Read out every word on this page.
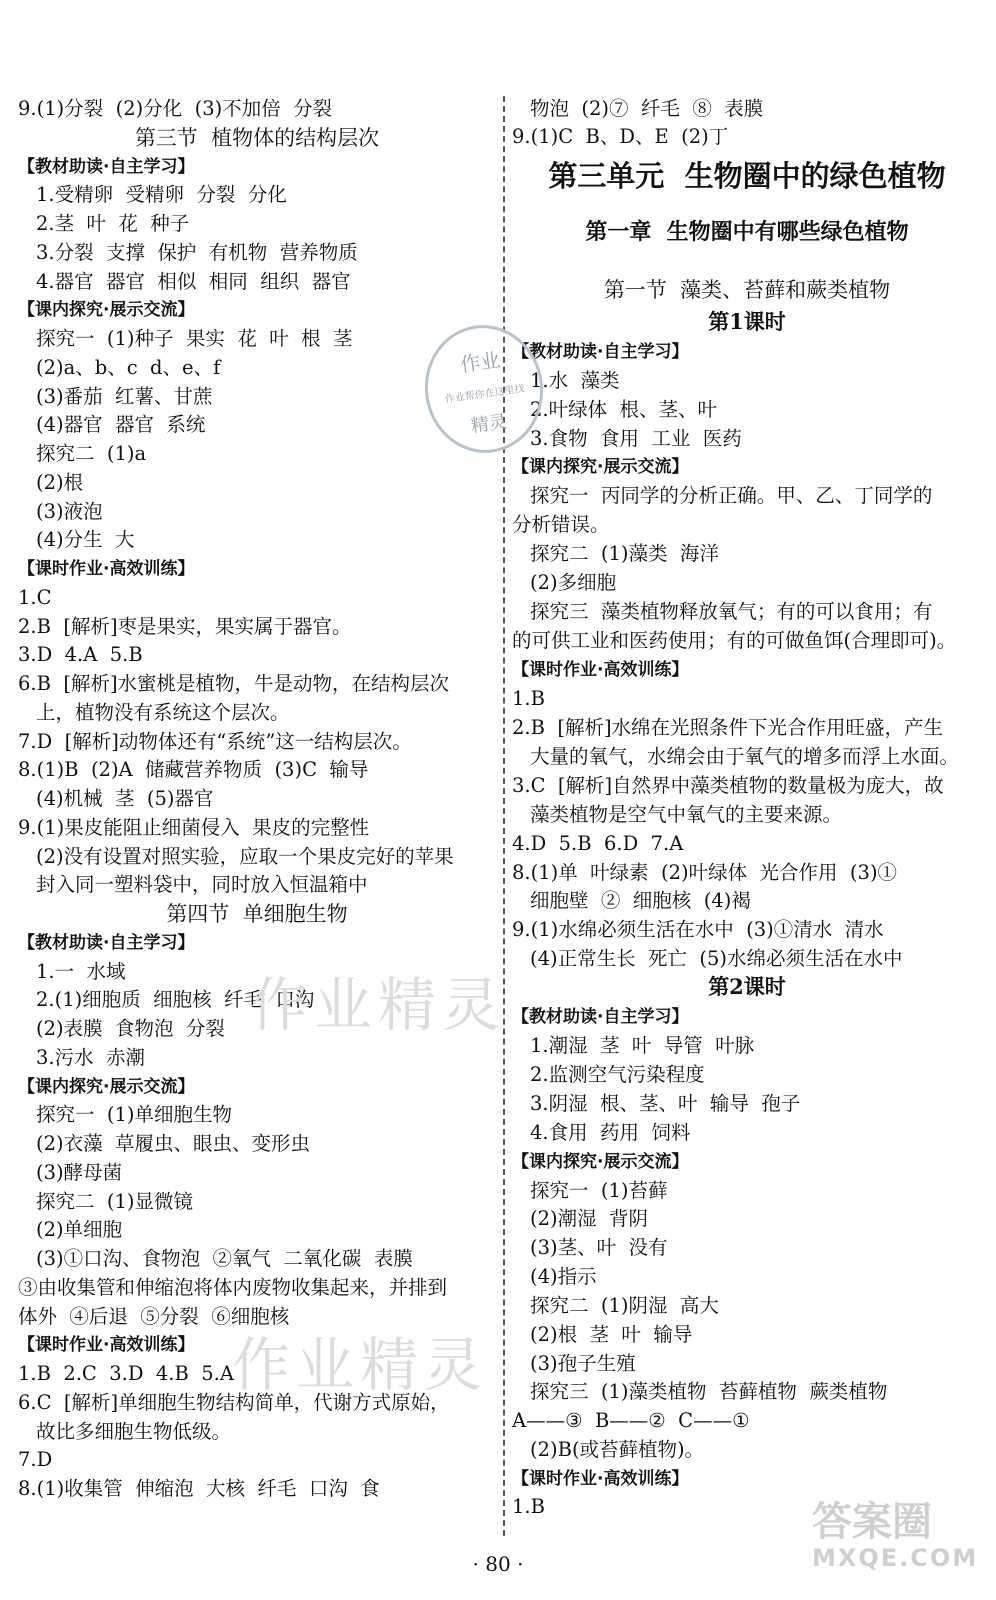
9.(1)分裂  (2)分化  (3)不加倍  分裂
第三节  植物体的结构层次
【教材助读·自主学习】
1.受精卵  受精卵  分裂  分化
2.茎  叶  花  种子
3.分裂  支撑  保护  有机物  营养物质
4.器官  器官  相似  相同  组织  器官
【课内探究·展示交流】
探究一  (1)种子  果实  花  叶  根  茎
(2)a、b、c  d、e、f
(3)番茄  红薯、甘蔗
(4)器官  器官  系统
探究二  (1)a
(2)根
(3)液泡
(4)分生  大
【课时作业·高效训练】
1.C
2.B  [解析]枣是果实，果实属于器官。
3.D  4.A  5.B
6.B  [解析]水蜜桃是植物，牛是动物，在结构层次
上，植物没有系统这个层次。
7.D  [解析]动物体还有“系统”这一结构层次。
8.(1)B  (2)A  储藏营养物质  (3)C  输导
(4)机械  茎  (5)器官
9.(1)果皮能阻止细菌侵入  果皮的完整性
(2)没有设置对照实验，应取一个果皮完好的苹果
封入同一塑料袋中，同时放入恒温箱中
第四节  单细胞生物
【教材助读·自主学习】
1.一  水域
2.(1)细胞质  细胞核  纤毛  口沟
(2)表膜  食物泡  分裂
3.污水  赤潮
【课内探究·展示交流】
探究一  (1)单细胞生物
(2)衣藻  草履虫、眼虫、变形虫
(3)酵母菌
探究二  (1)显微镜
(2)单细胞
(3)①口沟、食物泡  ②氧气  二氧化碳  表膜
③由收集管和伸缩泡将体内废物收集起来，并排到
体外  ④后退  ⑤分裂  ⑥细胞核
【课时作业·高效训练】
1.B  2.C  3.D  4.B  5.A
6.C  [解析]单细胞生物结构简单，代谢方式原始，
故比多细胞生物低级。
7.D
8.(1)收集管  伸缩泡  大核  纤毛  口沟  食
物泡  (2)⑦  纤毛  ⑧  表膜
9.(1)C  B、D、E  (2)丁
第三单元  生物圈中的绿色植物
第一章  生物圈中有哪些绿色植物
第一节  藻类、苔藓和蕨类植物
第1课时
【教材助读·自主学习】
1.水  藻类
2.叶绿体  根、茎、叶
3.食物  食用  工业  医药
【课内探究·展示交流】
探究一  丙同学的分析正确。甲、乙、丁同学的
分析错误。
探究二  (1)藻类  海洋
(2)多细胞
探究三  藻类植物释放氧气；有的可以食用；有
的可供工业和医药使用；有的可做鱼饵(合理即可)。
【课时作业·高效训练】
1.B
2.B  [解析]水绵在光照条件下光合作用旺盛，产生
大量的氧气，水绵会由于氧气的增多而浮上水面。
3.C  [解析]自然界中藻类植物的数量极为庞大，故
藻类植物是空气中氧气的主要来源。
4.D  5.B  6.D  7.A
8.(1)单  叶绿素  (2)叶绿体  光合作用  (3)①
细胞壁  ②  细胞核  (4)褐
9.(1)水绵必须生活在水中  (3)①清水  清水
(4)正常生长  死亡  (5)水绵必须生活在水中
第2课时
【教材助读·自主学习】
1.潮湿  茎  叶  导管  叶脉
2.监测空气污染程度
3.阴湿  根、茎、叶  输导  孢子
4.食用  药用  饲料
【课内探究·展示交流】
探究一  (1)苔藓
(2)潮湿  背阴
(3)茎、叶  没有
(4)指示
探究二  (1)阴湿  高大
(2)根  茎  叶  输导
(3)孢子生殖
探究三  (1)藻类植物  苔藓植物  蕨类植物
A——③  B——②  C——①
(2)B(或苔藓植物)。
【课时作业·高效训练】
1.B
作业精灵
作业精灵
作业
作业帮你在这里找
精灵
答案圈
MXQE.COM
· 80 ·
